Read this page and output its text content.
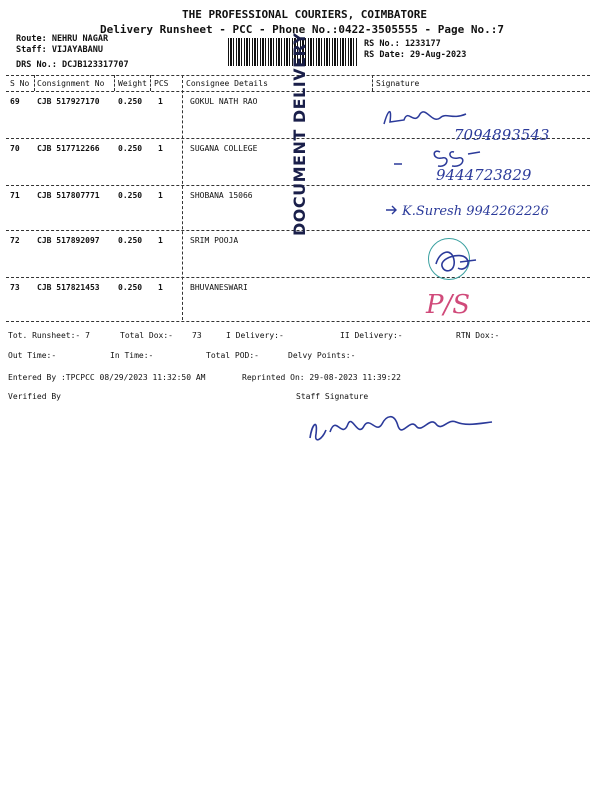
THE PROFESSIONAL COURIERS, COIMBATORE
Delivery Runsheet - PCC - Phone No.:0422-3505555 - Page No.:7
Route: NEHRU NAGAR
Staff: VIJAYABANU
DRS No.: DCJB123317707
RS No.: 1233177
RS Date: 29-Aug-2023
S No Consignment No Weight PCS Consignee Details	Signature
69 CJB 517927170 0.250 1	GOKUL NATH RAO
70 CJB 517712266 0.250 1	SUGANA COLLEGE
71 CJB 517807771 0.250 1	SHOBANA 15066
72 CJB 517892097 0.250 1	SRIM POOJA
73 CJB 517821453 0.250 1	BHUVANESWARI
DOCUMENT DELIVERY	7094893543
9444723829
K.Suresh 9942262226
P/S
Tot. Runsheet:- 7	Total Dox:- 73	I Delivery:-	II Delivery:-	RTN Dox:-
Out Time:-	In Time:-	Total POD:-	Delvy Points:-
Entered By :TPCPCC 08/29/2023 11:32:50 AM	Reprinted On: 29-08-2023 11:39:22
Verified By	Staff Signature
